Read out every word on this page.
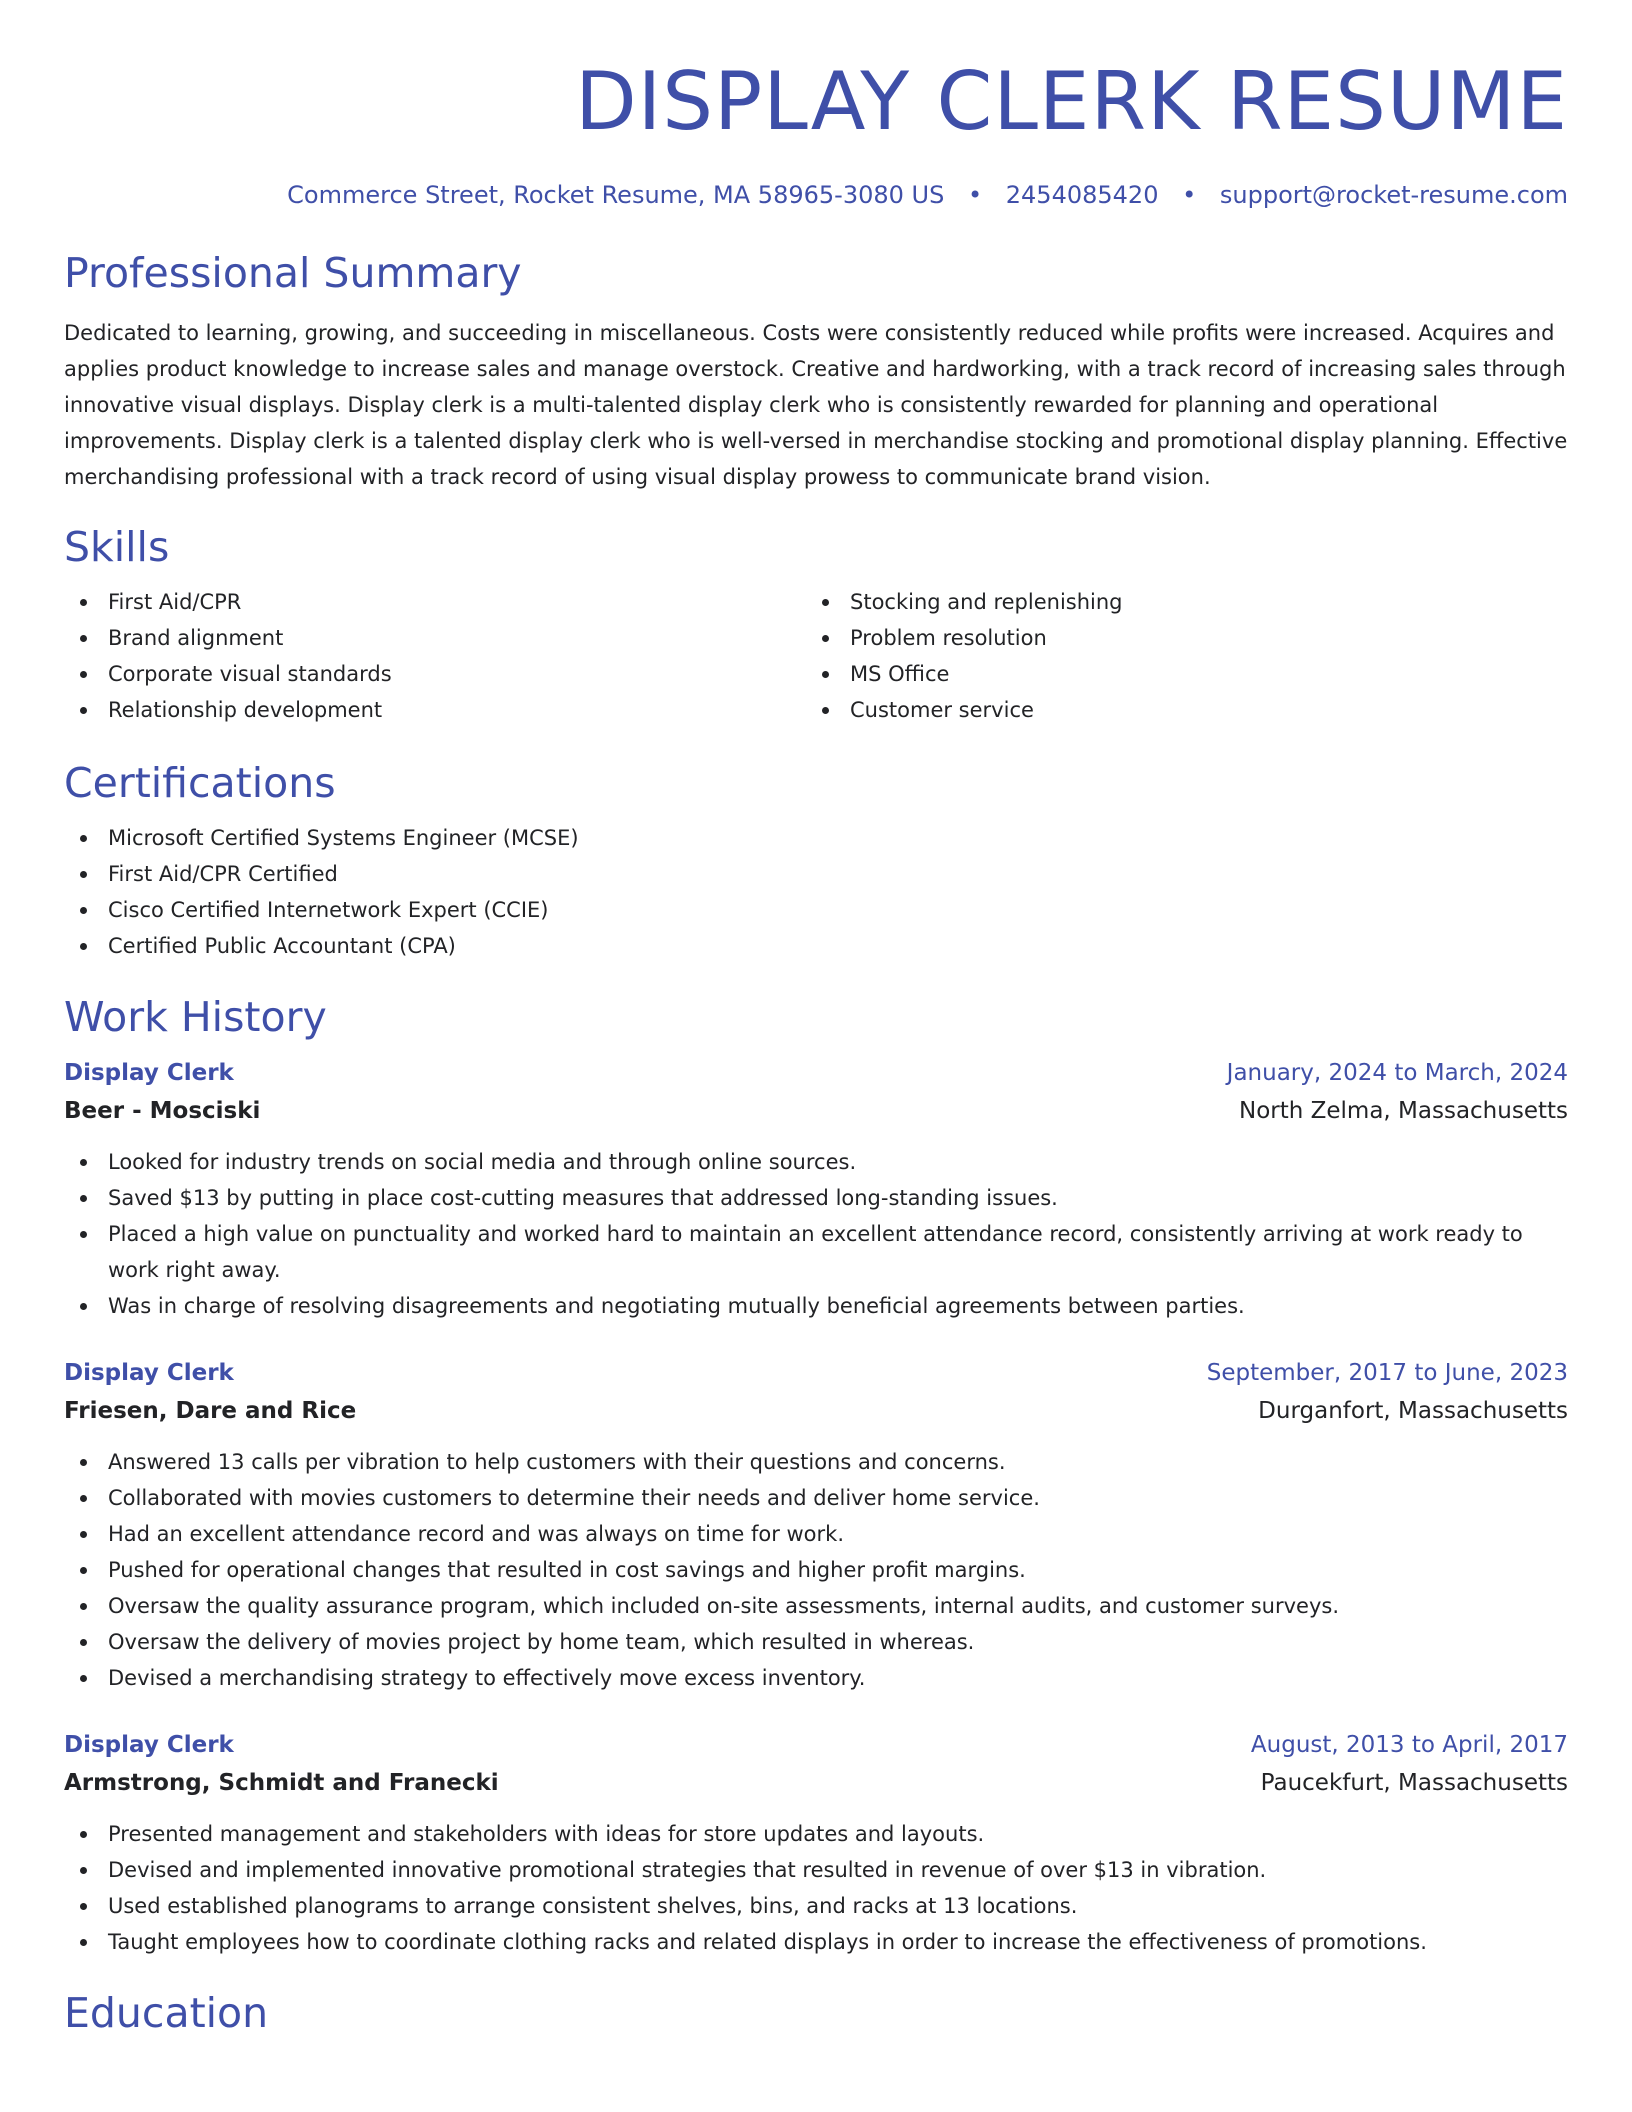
DISPLAY CLERK RESUME
Commerce Street, Rocket Resume, MA 58965-3080 US • 2454085420 • support@rocket-resume.com
Professional Summary

Dedicated to learning, growing, and succeeding in miscellaneous. Costs were consistently reduced while profits were increased. Acquires and applies product knowledge to increase sales and manage overstock. Creative and hardworking, with a track record of increasing sales through innovative visual displays. Display clerk is a multi-talented display clerk who is consistently rewarded for planning and operational improvements. Display clerk is a talented display clerk who is well-versed in merchandise stocking and promotional display planning. Effective merchandising professional with a track record of using visual display prowess to communicate brand vision.

Skills
First Aid/CPR
Brand alignment
Corporate visual standards
Relationship development
Stocking and replenishing
Problem resolution
MS Office
Customer service
Certifications
Microsoft Certified Systems Engineer (MCSE)
First Aid/CPR Certified
Cisco Certified Internetwork Expert (CCIE)
Certified Public Accountant (CPA)
Work History
Display Clerk	January, 2024 to March, 2024
Beer - Mosciski	North Zelma, Massachusetts
Looked for industry trends on social media and through online sources.
Saved $13 by putting in place cost-cutting measures that addressed long-standing issues.
Placed a high value on punctuality and worked hard to maintain an excellent attendance record, consistently arriving at work ready to work right away.
Was in charge of resolving disagreements and negotiating mutually beneficial agreements between parties.
Display Clerk	September, 2017 to June, 2023
Friesen, Dare and Rice	Durganfort, Massachusetts
Answered 13 calls per vibration to help customers with their questions and concerns.
Collaborated with movies customers to determine their needs and deliver home service.
Had an excellent attendance record and was always on time for work.
Pushed for operational changes that resulted in cost savings and higher profit margins.
Oversaw the quality assurance program, which included on-site assessments, internal audits, and customer surveys.
Oversaw the delivery of movies project by home team, which resulted in whereas.
Devised a merchandising strategy to effectively move excess inventory.
Display Clerk	August, 2013 to April, 2017
Armstrong, Schmidt and Franecki	Paucekfurt, Massachusetts
Presented management and stakeholders with ideas for store updates and layouts.
Devised and implemented innovative promotional strategies that resulted in revenue of over $13 in vibration.
Used established planograms to arrange consistent shelves, bins, and racks at 13 locations.
Taught employees how to coordinate clothing racks and related displays in order to increase the effectiveness of promotions.
Education
